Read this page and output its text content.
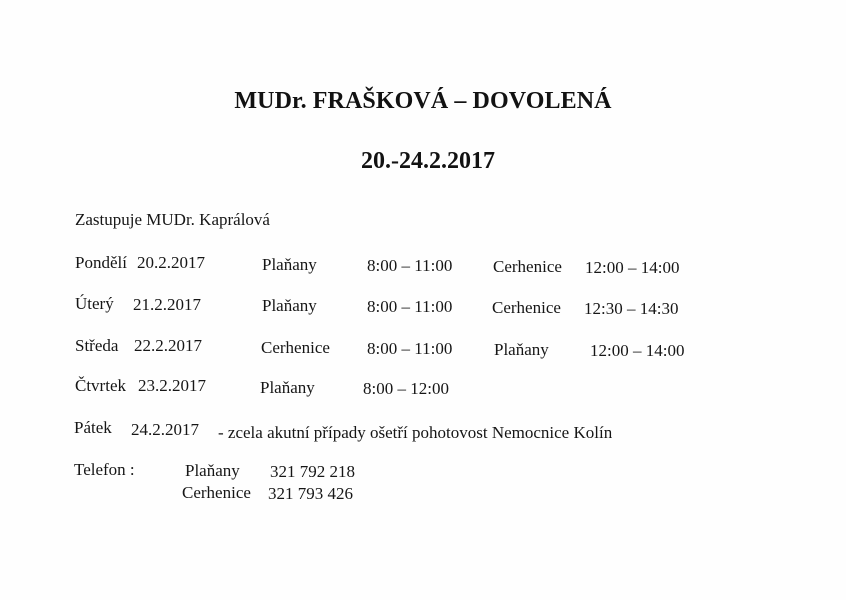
MUDr. FRAŠKOVÁ – DOVOLENÁ
20.-24.2.2017
Zastupuje MUDr. Kaprálová
Pondělí 20.2.2017	Plaňany	8:00 – 11:00 Cerhenice 12:00 – 14:00
Úterý 21.2.2017	Plaňany	8:00 – 11:00 Cerhenice 12:30 – 14:30
Středa 22.2.2017	Cerhenice 8:00 – 11:00 Plaňany 12:00 – 14:00
Čtvrtek 23.2.2017	Plaňany	8:00 – 12:00
Pátek 24.2.2017 - zcela akutní případy ošetří pohotovost Nemocnice Kolín
Telefon :	Plaňany 321 792 218
Cerhenice 321 793 426
